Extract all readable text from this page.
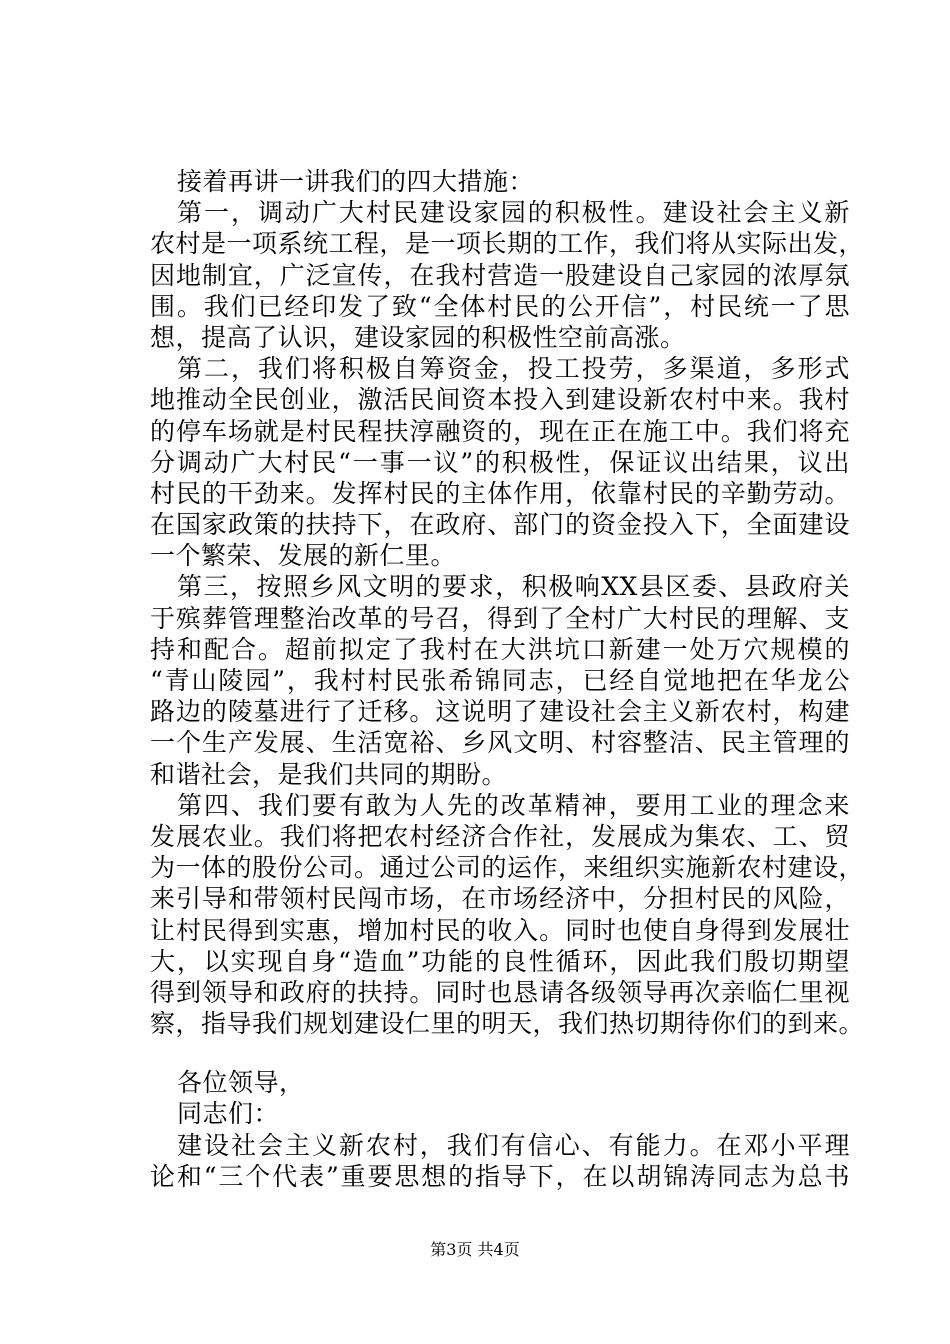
接着再讲一讲我们的四大措施：
第一，调动广大村民建设家园的积极性。建设社会主义新
农村是一项系统工程，是一项长期的工作，我们将从实际出发，
因地制宜，广泛宣传，在我村营造一股建设自己家园的浓厚氛
围。我们已经印发了致“全体村民的公开信”，村民统一了思
想，提高了认识，建设家园的积极性空前高涨。
第二，我们将积极自筹资金，投工投劳，多渠道，多形式
地推动全民创业，激活民间资本投入到建设新农村中来。我村
的停车场就是村民程扶淳融资的，现在正在施工中。我们将充
分调动广大村民“一事一议”的积极性，保证议出结果，议出
村民的干劲来。发挥村民的主体作用，依靠村民的辛勤劳动。
在国家政策的扶持下，在政府、部门的资金投入下，全面建设
一个繁荣、发展的新仁里。
第三，按照乡风文明的要求，积极响XX县区委、县政府关
于殡葬管理整治改革的号召，得到了全村广大村民的理解、支
持和配合。超前拟定了我村在大洪坑口新建一处万穴规模的
“青山陵园”，我村村民张希锦同志，已经自觉地把在华龙公
路边的陵墓进行了迁移。这说明了建设社会主义新农村，构建
一个生产发展、生活宽裕、乡风文明、村容整洁、民主管理的
和谐社会，是我们共同的期盼。
第四、我们要有敢为人先的改革精神，要用工业的理念来
发展农业。我们将把农村经济合作社，发展成为集农、工、贸
为一体的股份公司。通过公司的运作，来组织实施新农村建设，
来引导和带领村民闯市场，在市场经济中，分担村民的风险，
让村民得到实惠，增加村民的收入。同时也使自身得到发展壮
大，以实现自身“造血”功能的良性循环，因此我们殷切期望
得到领导和政府的扶持。同时也恳请各级领导再次亲临仁里视
察，指导我们规划建设仁里的明天，我们热切期待你们的到来。
各位领导，
同志们：
建设社会主义新农村，我们有信心、有能力。在邓小平理
论和“三个代表”重要思想的指导下，在以胡锦涛同志为总书
第3页 共4页
